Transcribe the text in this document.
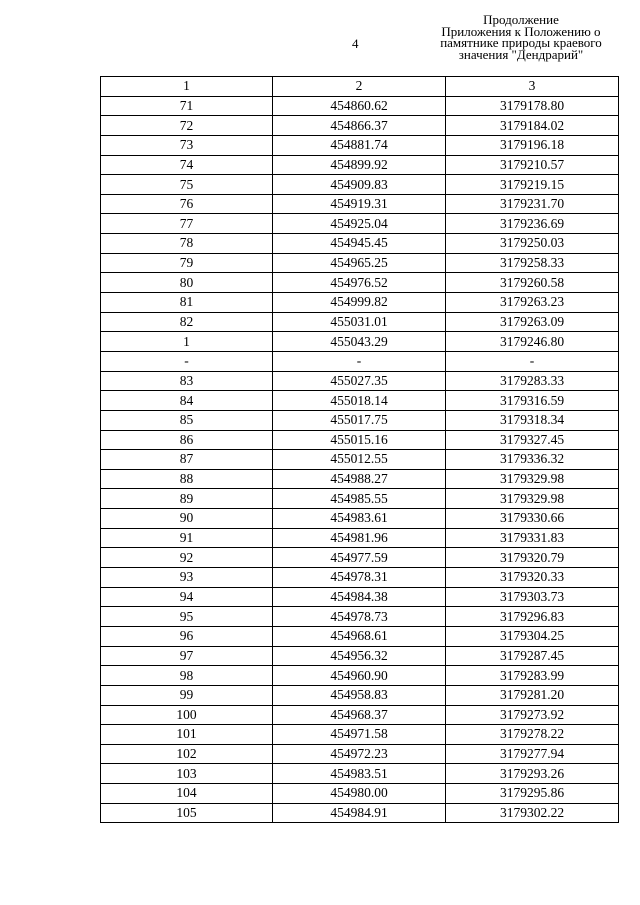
4
Продолжение
Приложения к Положению о
памятнике природы краевого
значения "Дендрарий"
1	2	3
71	454860.62	3179178.80
72	454866.37	3179184.02
73	454881.74	3179196.18
74	454899.92	3179210.57
75	454909.83	3179219.15
76	454919.31	3179231.70
77	454925.04	3179236.69
78	454945.45	3179250.03
79	454965.25	3179258.33
80	454976.52	3179260.58
81	454999.82	3179263.23
82	455031.01	3179263.09
1	455043.29	3179246.80
-	-	-
83	455027.35	3179283.33
84	455018.14	3179316.59
85	455017.75	3179318.34
86	455015.16	3179327.45
87	455012.55	3179336.32
88	454988.27	3179329.98
89	454985.55	3179329.98
90	454983.61	3179330.66
91	454981.96	3179331.83
92	454977.59	3179320.79
93	454978.31	3179320.33
94	454984.38	3179303.73
95	454978.73	3179296.83
96	454968.61	3179304.25
97	454956.32	3179287.45
98	454960.90	3179283.99
99	454958.83	3179281.20
100	454968.37	3179273.92
101	454971.58	3179278.22
102	454972.23	3179277.94
103	454983.51	3179293.26
104	454980.00	3179295.86
105	454984.91	3179302.22
